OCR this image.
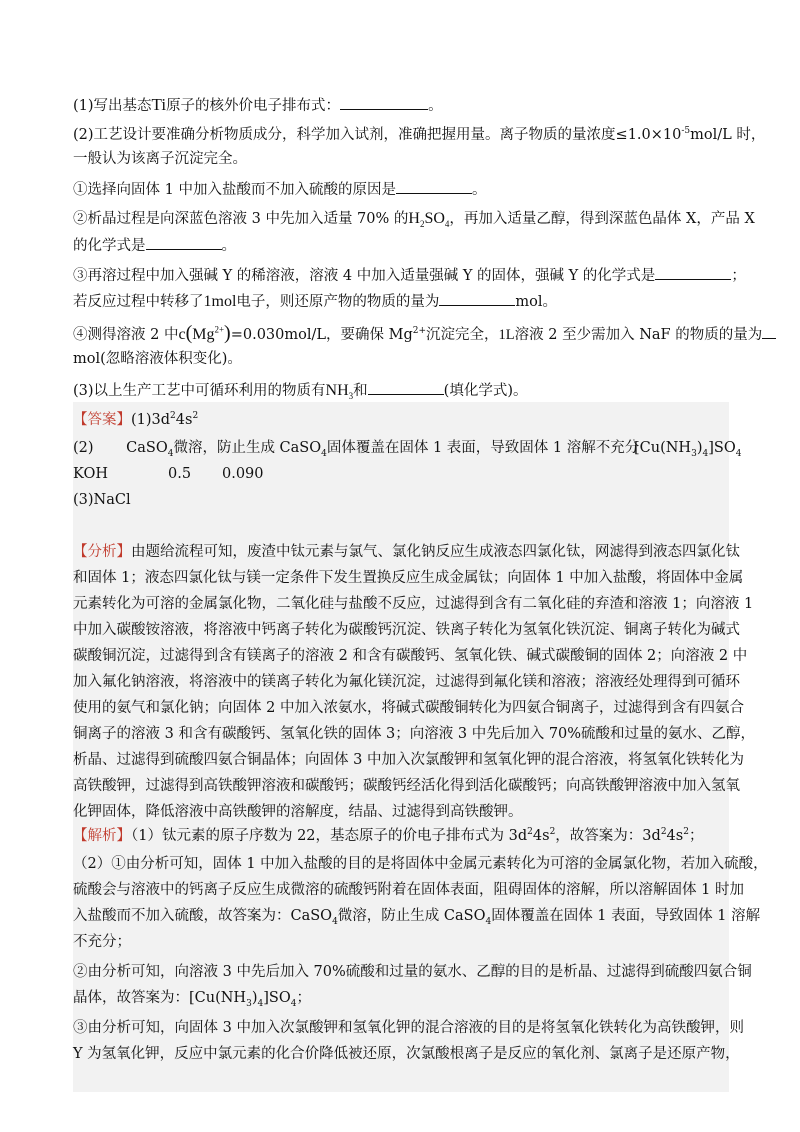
(1)写出基态Ti原子的核外价电子排布式：	。
(2)工艺设计要准确分析物质成分，科学加入试剂，准确把握用量。离子物质的量浓度$\le 1.0\times 10^{-5}mol/L$ 时，
一般认为该离子沉淀完全。
①选择向固体 1 中加入盐酸而不加入硫酸的原因是	。
②析晶过程是向深蓝色溶液 3 中先加入适量 70% 的$H_2SO_4$，再加入适量乙醇，得到深蓝色晶体 X，产品 X
的化学式是	。
③再溶过程中加入强碱 Y 的稀溶液，溶液 4 中加入适量强碱 Y 的固体，强碱 Y 的化学式是	；
若反应过程中转移了1mol电子，则还原产物的物质的量为	mol。
④测得溶液 2 中$c(Mg^{2+})=0.030mol/L$，要确保 $Mg^{2+}$沉淀完全，1L溶液 2 至少需加入 NaF 的物质的量为
mol(忽略溶液体积变化)。
(3)以上生产工艺中可循环利用的物质有$NH_3$和	(填化学式)。
【答案】$(1)3d^24s^2$
(2) CaSO$_4$微溶，防止生成 CaSO$_4$固体覆盖在固体 1 表面，导致固体 1 溶解不充分
$[Cu(NH_3)_4]SO_4$
KOH	0.5 0.090
(3)NaCl
【分析】由题给流程可知，废渣中钛元素与氯气、氯化钠反应生成液态四氯化钛，网滤得到液态四氯化钛
和固体 1；液态四氯化钛与镁一定条件下发生置换反应生成金属钛；向固体 1 中加入盐酸，将固体中金属
元素转化为可溶的金属氯化物，二氧化硅与盐酸不反应，过滤得到含有二氧化硅的弃渣和溶液 1；向溶液 1
中加入碳酸铵溶液，将溶液中钙离子转化为碳酸钙沉淀、铁离子转化为氢氧化铁沉淀、铜离子转化为碱式
碳酸铜沉淀，过滤得到含有镁离子的溶液 2 和含有碳酸钙、氢氧化铁、碱式碳酸铜的固体 2；向溶液 2 中
加入氟化钠溶液，将溶液中的镁离子转化为氟化镁沉淀，过滤得到氟化镁和溶液；溶液经处理得到可循环
使用的氨气和氯化钠；向固体 2 中加入浓氨水，将碱式碳酸铜转化为四氨合铜离子，过滤得到含有四氨合
铜离子的溶液 3 和含有碳酸钙、氢氧化铁的固体 3；向溶液 3 中先后加入 70%硫酸和过量的氨水、乙醇，
析晶、过滤得到硫酸四氨合铜晶体；向固体 3 中加入次氯酸钾和氢氧化钾的混合溶液，将氢氧化铁转化为
高铁酸钾，过滤得到高铁酸钾溶液和碳酸钙；碳酸钙经活化得到活化碳酸钙；向高铁酸钾溶液中加入氢氧
化钾固体，降低溶液中高铁酸钾的溶解度，结晶、过滤得到高铁酸钾。
【解析】（1）钛元素的原子序数为 22，基态原子的价电子排布式为 $3d^24s^2$，故答案为：$3d^24s^2$；
（2）①由分析可知，固体 1 中加入盐酸的目的是将固体中金属元素转化为可溶的金属氯化物，若加入硫酸，
硫酸会与溶液中的钙离子反应生成微溶的硫酸钙附着在固体表面，阻碍固体的溶解，所以溶解固体 1 时加
入盐酸而不加入硫酸，故答案为：CaSO$_4$微溶，防止生成 CaSO$_4$固体覆盖在固体 1 表面，导致固体 1 溶解
不充分；
②由分析可知，向溶液 3 中先后加入 70%硫酸和过量的氨水、乙醇的目的是析晶、过滤得到硫酸四氨合铜
晶体，故答案为：$[Cu(NH_3)_4]SO_4$；
③由分析可知，向固体 3 中加入次氯酸钾和氢氧化钾的混合溶液的目的是将氢氧化铁转化为高铁酸钾，则
Y 为氢氧化钾，反应中氯元素的化合价降低被还原，次氯酸根离子是反应的氧化剂、氯离子是还原产物，
